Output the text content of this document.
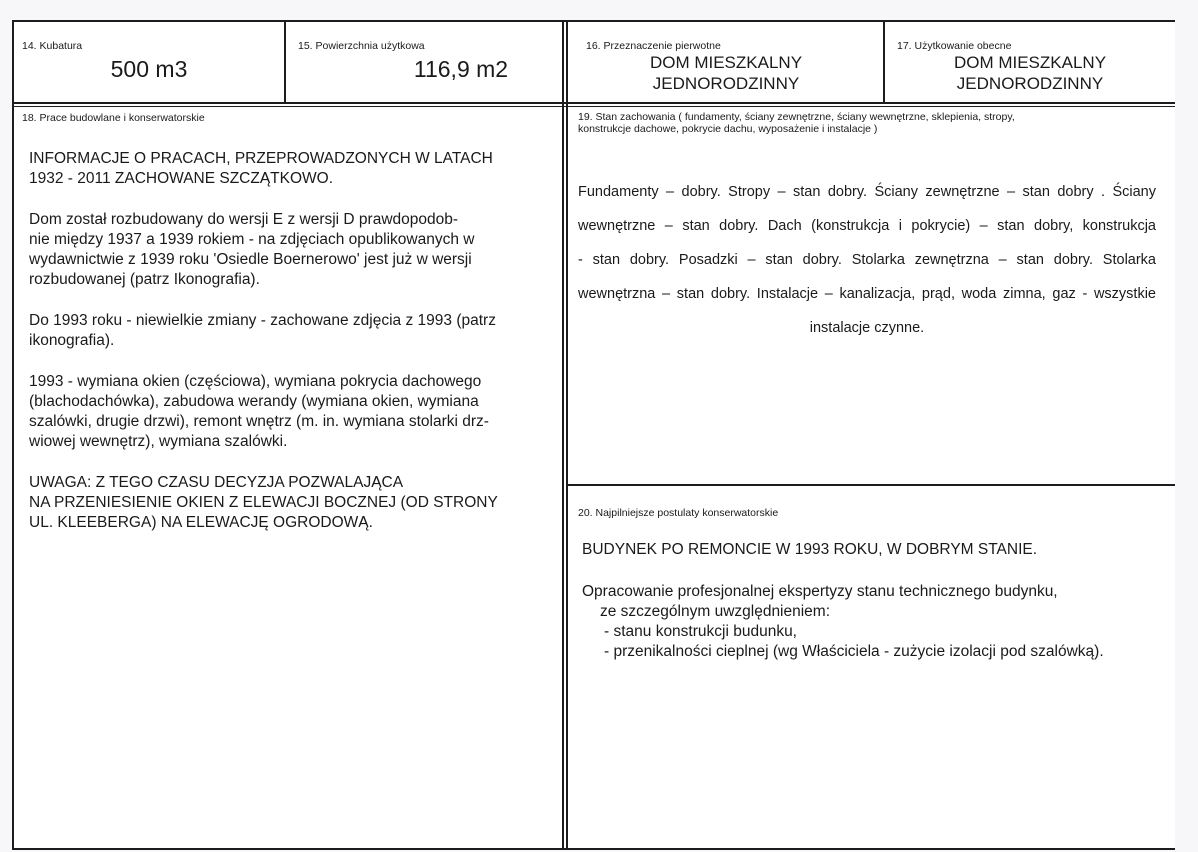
14. Kubatura
500 m3
15. Powierzchnia użytkowa
116,9 m2
16. Przeznaczenie pierwotne
DOM MIESZKALNY
JEDNORODZINNY
17. Użytkowanie obecne
DOM MIESZKALNY
JEDNORODZINNY
18. Prace budowlane i konserwatorskie
INFORMACJE O PRACACH, PRZEPROWADZONYCH W LATACH
1932 - 2011 ZACHOWANE SZCZĄTKOWO.
Dom został rozbudowany do wersji E z wersji D prawdopodob-
nie między 1937 a 1939 rokiem - na zdjęciach opublikowanych w
wydawnictwie z 1939 roku 'Osiedle Boernerowo' jest już w wersji
rozbudowanej (patrz Ikonografia).
Do 1993 roku - niewielkie zmiany - zachowane zdjęcia z 1993 (patrz
ikonografia).
1993 - wymiana okien (częściowa), wymiana pokrycia dachowego
(blachodachówka), zabudowa werandy (wymiana okien, wymiana
szalówki, drugie drzwi), remont wnętrz (m. in. wymiana stolarki drz-
wiowej wewnętrz), wymiana szalówki.
UWAGA: Z TEGO CZASU DECYZJA POZWALAJĄCA
NA PRZENIESIENIE OKIEN Z ELEWACJI BOCZNEJ (OD STRONY
UL. KLEEBERGA) NA ELEWACJĘ OGRODOWĄ.
19. Stan zachowania ( fundamenty, ściany zewnętrzne, ściany wewnętrzne, sklepienia, stropy,
konstrukcje dachowe, pokrycie dachu, wyposażenie i instalacje )
Fundamenty – dobry. Stropy – stan dobry. Ściany zewnętrzne – stan dobry . Ściany
wewnętrzne – stan dobry. Dach (konstrukcja i pokrycie) – stan dobry, konstrukcja
- stan dobry. Posadzki – stan dobry. Stolarka zewnętrzna – stan dobry. Stolarka
wewnętrzna – stan dobry. Instalacje – kanalizacja, prąd, woda zimna, gaz - wszystkie
instalacje czynne.
20. Najpilniejsze postulaty konserwatorskie
BUDYNEK PO REMONCIE W 1993 ROKU, W DOBRYM STANIE.
Opracowanie profesjonalnej ekspertyzy stanu technicznego budynku,
ze szczególnym uwzględnieniem:
- stanu konstrukcji budunku,
- przenikalności cieplnej (wg Właściciela - zużycie izolacji pod szalówką).
